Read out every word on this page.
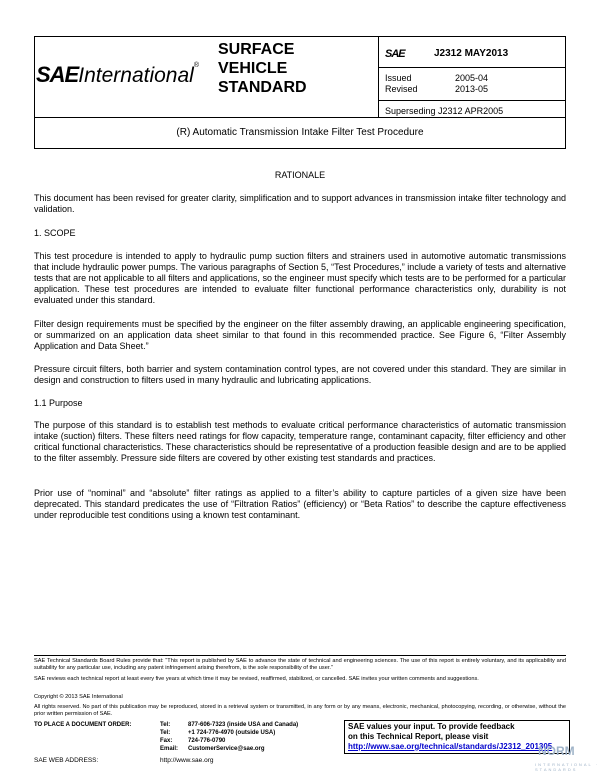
SAEInternational®
SURFACE
VEHICLE
STANDARD
SAE	J2312 MAY2013
Issued	2005-04
Revised	2013-05
Superseding J2312 APR2005
(R) Automatic Transmission Intake Filter Test Procedure
RATIONALE
This document has been revised for greater clarity, simplification and to support advances in transmission intake filter technology and validation.
1. SCOPE
This test procedure is intended to apply to hydraulic pump suction filters and strainers used in automotive automatic transmissions that include hydraulic power pumps. The various paragraphs of Section 5, “Test Procedures,” include a variety of tests and alternative tests that are not applicable to all filters and applications, so the engineer must specify which tests are to be performed for a particular application. These test procedures are intended to evaluate filter functional performance characteristics only, durability is not evaluated under this standard.
Filter design requirements must be specified by the engineer on the filter assembly drawing, an applicable engineering specification, or summarized on an application data sheet similar to that found in this recommended practice. See Figure 6, “Filter Assembly Application and Data Sheet.”
Pressure circuit filters, both barrier and system contamination control types, are not covered under this standard. They are similar in design and construction to filters used in many hydraulic and lubricating applications.
1.1 Purpose
The purpose of this standard is to establish test methods to evaluate critical performance characteristics of automatic transmission intake (suction) filters. These filters need ratings for flow capacity, temperature range, contaminant capacity, filter efficiency and other critical functional characteristics. These characteristics should be representative of a production feasible design and are to be applied to the filter assembly. Pressure side filters are covered by other existing test standards and practices.
Prior use of “nominal” and “absolute” filter ratings as applied to a filter’s ability to capture particles of a given size have been deprecated. This standard predicates the use of “Filtration Ratios” (efficiency) or “Beta Ratios” to describe the capture effectiveness under reproducible test conditions using a known test contaminant.
SAE Technical Standards Board Rules provide that: “This report is published by SAE to advance the state of technical and engineering sciences. The use of this report is entirely voluntary, and its applicability and suitability for any particular use, including any patent infringement arising therefrom, is the sole responsibility of the user.”
SAE reviews each technical report at least every five years at which time it may be revised, reaffirmed, stabilized, or cancelled. SAE invites your written comments and suggestions.
Copyright © 2013 SAE International
All rights reserved. No part of this publication may be reproduced, stored in a retrieval system or transmitted, in any form or by any means, electronic, mechanical, photocopying, recording, or otherwise, without the prior written permission of SAE.
TO PLACE A DOCUMENT ORDER:	Tel:	877-606-7323 (inside USA and Canada)
Tel:	+1 724-776-4970 (outside USA)
Fax:	724-776-0790
Email: CustomerService@sae.org
SAE WEB ADDRESS:	http://www.sae.org
SAE values your input. To provide feedback
on this Technical Report, please visit
http://www.sae.org/technical/standards/J2312_201305
NORM
INTERNATIONAL · STANDARDS
